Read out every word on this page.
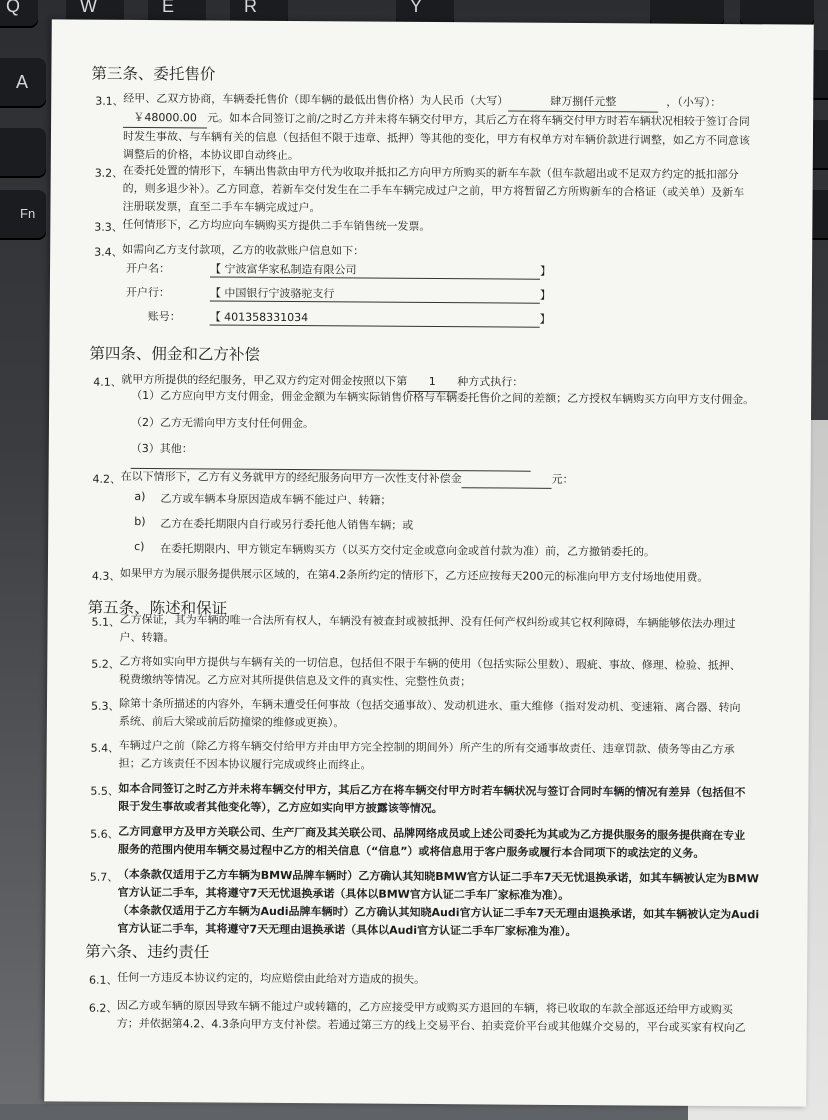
Q	W	E	R	Y
A
Fn
第三条、委托售价
3.1、 经甲、乙双方协商，车辆委托售价（即车辆的最低出售价格）为人民币（大写）	肆万捌仟元整	，（小写）：
￥48000.00 元。如本合同签订之前/之时乙方并未将车辆交付甲方，其后乙方在将车辆交付甲方时若车辆状况相较于签订合同
时发生事故、与车辆有关的信息（包括但不限于违章、抵押）等其他的变化，甲方有权单方对车辆价款进行调整，如乙方不同意该
调整后的价格，本协议即自动终止。
3.2、 在委托处置的情形下，车辆出售款由甲方代为收取并抵扣乙方向甲方所购买的新车车款（但车款超出或不足双方约定的抵扣部分
的，则多退少补）。乙方同意，若新车交付发生在二手车车辆完成过户之前，甲方将暂留乙方所购新车的合格证（或关单）及新车
注册联发票，直至二手车车辆完成过户。
3.3、 任何情形下，乙方均应向车辆购买方提供二手车销售统一发票。
3.4、 如需向乙方支付款项，乙方的收款账户信息如下：
开户名：	【 宁波富华家私制造有限公司	】
开户行：	【 中国银行宁波骆驼支行	】
账号：	【 401358331034	】
第四条、佣金和乙方补偿
4.1、 就甲方所提供的经纪服务，甲乙双方约定对佣金按照以下第 1 种方式执行：
（1）乙方应向甲方支付佣金，佣金金额为车辆实际销售价格与车辆委托售价之间的差额；乙方授权车辆购买方向甲方支付佣金。
（2）乙方无需向甲方支付任何佣金。
（3）其他：
4.2、 在以下情形下，乙方有义务就甲方的经纪服务向甲方一次性支付补偿金	元：
a) 乙方或车辆本身原因造成车辆不能过户、转籍；
b) 乙方在委托期限内自行或另行委托他人销售车辆；或
c) 在委托期限内、甲方锁定车辆购买方（以买方交付定金或意向金或首付款为准）前，乙方撤销委托的。
4.3、 如果甲方为展示服务提供展示区域的，在第4.2条所约定的情形下，乙方还应按每天200元的标准向甲方支付场地使用费。
第五条、陈述和保证
5.1、 乙方保证，其为车辆的唯一合法所有权人，车辆没有被查封或被抵押、没有任何产权纠纷或其它权利障碍，车辆能够依法办理过
户、转籍。
5.2、 乙方将如实向甲方提供与车辆有关的一切信息，包括但不限于车辆的使用（包括实际公里数）、瑕疵、事故、修理、检验、抵押、
税费缴纳等情况。乙方应对其所提供信息及文件的真实性、完整性负责；
5.3、 除第十条所描述的内容外，车辆未遭受任何事故（包括交通事故）、发动机进水、重大维修（指对发动机、变速箱、离合器、转向
系统、前后大梁或前后防撞梁的维修或更换）。
5.4、 车辆过户之前（除乙方将车辆交付给甲方并由甲方完全控制的期间外）所产生的所有交通事故责任、违章罚款、债务等由乙方承
担；乙方该责任不因本协议履行完成或终止而终止。
5.5、 如本合同签订之时乙方并未将车辆交付甲方，其后乙方在将车辆交付甲方时若车辆状况与签订合同时车辆的情况有差异（包括但不
限于发生事故或者其他变化等），乙方应如实向甲方披露该等情况。
5.6、 乙方同意甲方及甲方关联公司、生产厂商及其关联公司、品牌网络成员或上述公司委托为其或为乙方提供服务的服务提供商在专业
服务的范围内使用车辆交易过程中乙方的相关信息（“信息”）或将信息用于客户服务或履行本合同项下的或法定的义务。
5.7、 （本条款仅适用于乙方车辆为BMW品牌车辆时）乙方确认其知晓BMW官方认证二手车7天无忧退换承诺，如其车辆被认定为BMW
官方认证二手车，其将遵守7天无忧退换承诺（具体以BMW官方认证二手车厂家标准为准）。
（本条款仅适用于乙方车辆为Audi品牌车辆时）乙方确认其知晓Audi官方认证二手车7天无理由退换承诺，如其车辆被认定为Audi
官方认证二手车，其将遵守7天无理由退换承诺（具体以Audi官方认证二手车厂家标准为准）。
第六条、违约责任
6.1、 任何一方违反本协议约定的，均应赔偿由此给对方造成的损失。
6.2、 因乙方或车辆的原因导致车辆不能过户或转籍的，乙方应接受甲方或购买方退回的车辆，将已收取的车款全部返还给甲方或购买
方；并依据第4.2、4.3条向甲方支付补偿。若通过第三方的线上交易平台、拍卖竞价平台或其他媒介交易的，平台或买家有权向乙
